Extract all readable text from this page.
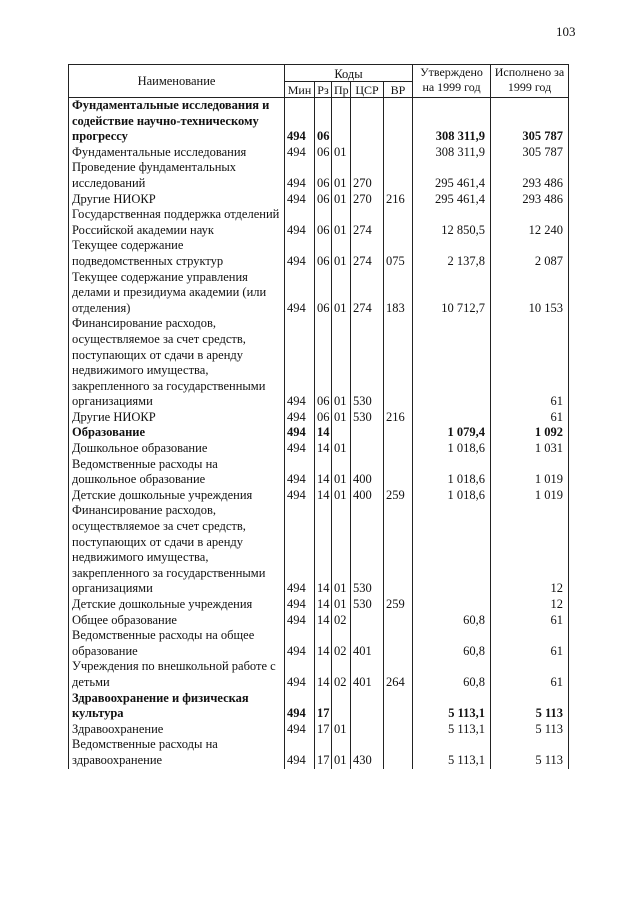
103
Наименование	Коды					Утверждено на 1999 год	Исполнено за 1999 год
	Мин	Рз	Пр	ЦСР	ВР		
Фундаментальные исследования и содействие научно-техническому прогрессу	494	06				308 311,9	305 787
Фундаментальные исследования	494	06	01			308 311,9	305 787
Проведение фундаментальных исследований	494	06	01	270		295 461,4	293 486
Другие НИОКР	494	06	01	270	216	295 461,4	293 486
Государственная поддержка отделений Российской академии наук	494	06	01	274		12 850,5	12 240
Текущее содержание подведомственных структур	494	06	01	274	075	2 137,8	2 087
Текущее содержание управления делами и президиума академии (или отделения)	494	06	01	274	183	10 712,7	10 153
Финансирование расходов, осуществляемое за счет средств, поступающих от сдачи в аренду недвижимого имущества, закрепленного за государственными организациями	494	06	01	530			61
Другие НИОКР	494	06	01	530	216		61
Образование	494	14				1 079,4	1 092
Дошкольное образование	494	14	01			1 018,6	1 031
Ведомственные расходы на дошкольное образование	494	14	01	400		1 018,6	1 019
Детские дошкольные учреждения	494	14	01	400	259	1 018,6	1 019
Финансирование расходов, осуществляемое за счет средств, поступающих от сдачи в аренду недвижимого имущества, закрепленного за государственными организациями	494	14	01	530			12
Детские дошкольные учреждения	494	14	01	530	259		12
Общее образование	494	14	02			60,8	61
Ведомственные расходы на общее образование	494	14	02	401		60,8	61
Учреждения по внешкольной работе с детьми	494	14	02	401	264	60,8	61
Здравоохранение и физическая культура	494	17				5 113,1	5 113
Здравоохранение	494	17	01			5 113,1	5 113
Ведомственные расходы на здравоохранение	494	17	01	430		5 113,1	5 113
